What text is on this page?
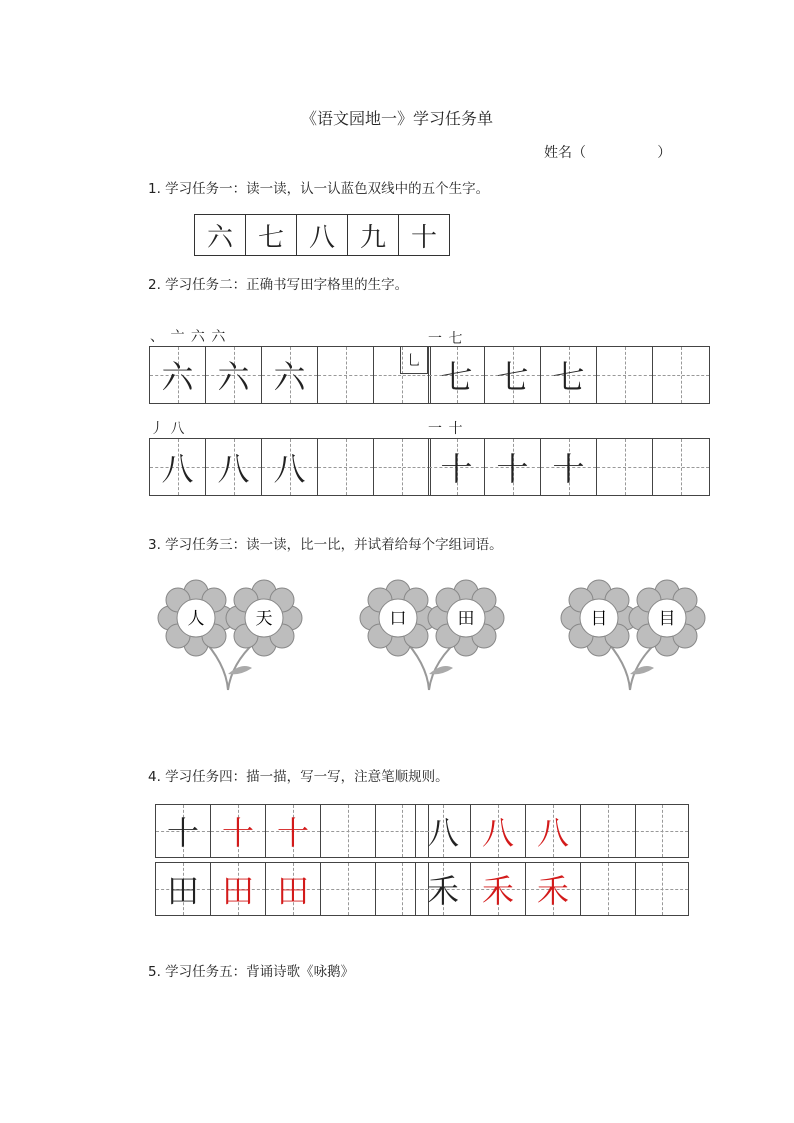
《语文园地一》学习任务单
姓名（	）
1. 学习任务一：读一读，认一认蓝色双线中的五个生字。
六 七 八 九 十
2. 学习任务二：正确书写田字格里的生字。
、 亠 六 六
六 六 六
一 七
乚 七 七 七
丿 八
八 八 八
一 十
十 十 十
3. 学习任务三：读一读，比一比，并试着给每个字组词语。
人	天	口	田	日	目
4. 学习任务四：描一描，写一写，注意笔顺规则。
十 十 十	八 八 八
田 田 田	禾 禾 禾
5. 学习任务五：背诵诗歌《咏鹅》
